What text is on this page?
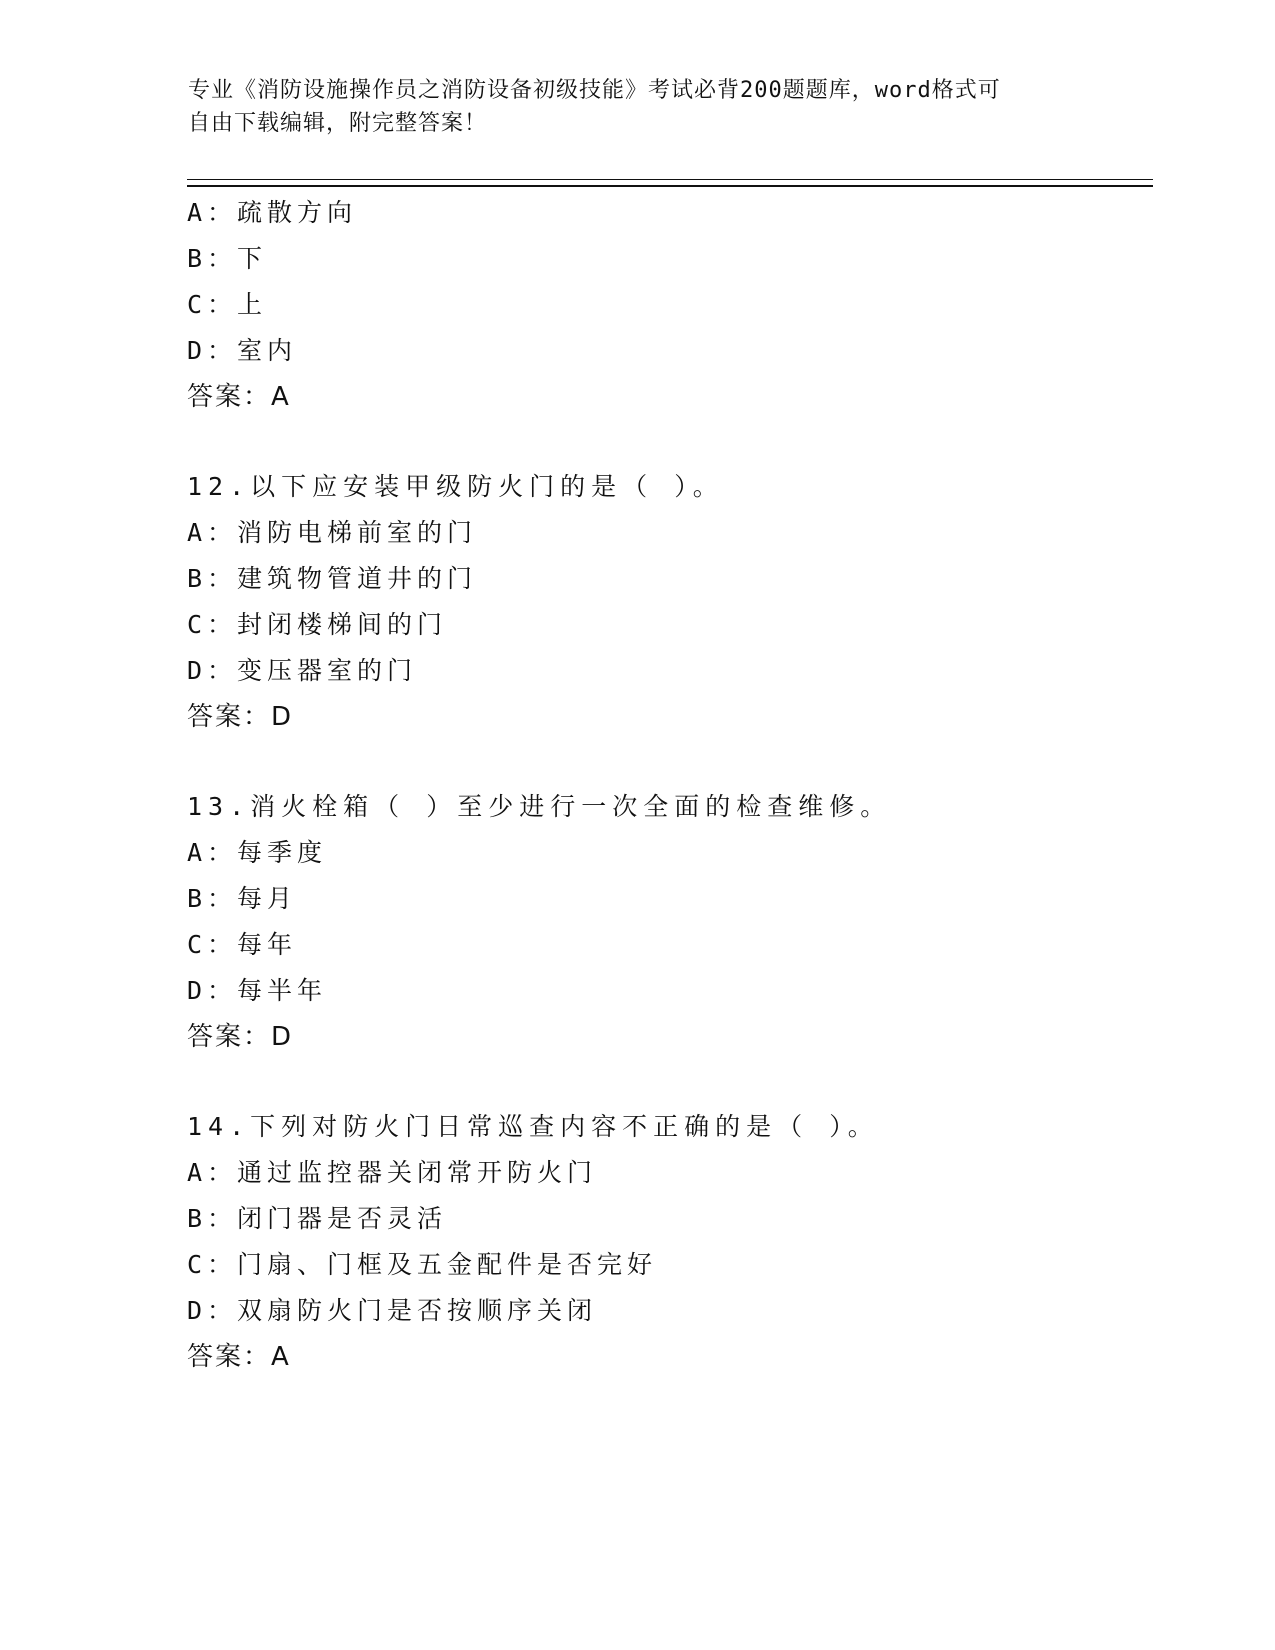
专业《消防设施操作员之消防设备初级技能》考试必背200题题库，word格式可
自由下载编辑，附完整答案！
A：疏散方向
B：下
C：上
D：室内
答案：A
12.以下应安装甲级防火门的是（ ）。
A：消防电梯前室的门
B：建筑物管道井的门
C：封闭楼梯间的门
D：变压器室的门
答案：D
13.消火栓箱（ ）至少进行一次全面的检查维修。
A：每季度
B：每月
C：每年
D：每半年
答案：D
14.下列对防火门日常巡查内容不正确的是（ ）。
A：通过监控器关闭常开防火门
B：闭门器是否灵活
C：门扇、门框及五金配件是否完好
D：双扇防火门是否按顺序关闭
答案：A
